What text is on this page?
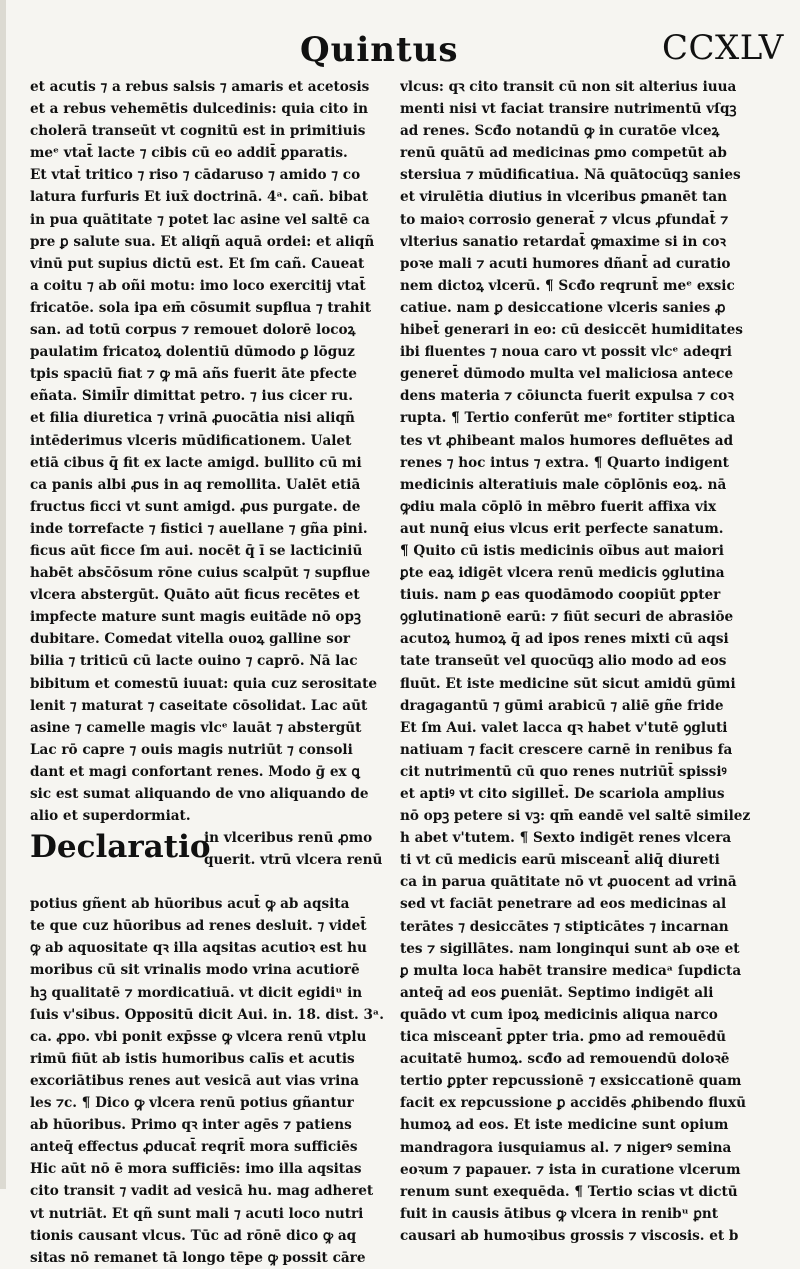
Quintus	CCXLV
et acutis ⁊ a rebus salsis ⁊ amaris et acetosis
et a rebus vehemētis dulcedinis: quia cito in
cholerā transeūt vt cognitū est in primitiuis
meᵉ vtat̄ lacte ⁊ cibis cū eo addit̄ ꝑparatis.
Et vtat̄ tritico ⁊ riso ⁊ cādaruso ⁊ amido ⁊ co
latura furfuris Et iux̄ doctrinā. 4ᵃ. cañ. bibat
in pua quātitate ⁊ potet lac asine vel saltē ca
pre ꝑ salute sua. Et aliqñ aquā ordei: et aliqñ
vinū put supius dictū est. Et ſm cañ. Caueat
a coitu ⁊ ab oñi motu: imo loco exercitij vtat̄
fricatōe. sola ipa em̄ cōsumit supflua ⁊ trahit
san. ad totū corpus ⁊ remouet dolorē locoꝝ
paulatim fricatoꝝ dolentiū dūmodo ꝑ lōguz
tpis spaciū fiat ⁊ ꝙ mā añs fuerit āte pfecte
eñata. Simil̄r dimittat petro. ⁊ ius cicer ru.
et filia diuretica ⁊ vrinā ꝓuocātia nisi aliqñ
intēderimus vlceris mūdificationem. Ualet
etiā cibus q̄ fit ex lacte amigd. bullito cū mi
ca panis albi ꝓus in aq remollita. Ualēt etiā
fructus ficci vt sunt amigd. ꝓus purgate. de
inde torrefacte ⁊ fistici ⁊ auellane ⁊ gña pini.
ficus aūt ficce ſm aui. nocēt q̄ ī se lacticiniū
habēt absc̄ōsum rōne cuius scalpūt ⁊ supflue
vlcera abstergūt. Quāto aūt ficus recētes et
impfecte mature sunt magis euitāde nō opꝫ
dubitare. Comedat vitella ouoꝝ galline sor
bilia ⁊ triticū cū lacte ouino ⁊ caprō. Nā lac
bibitum et comestū iuuat: quia cuz serositate
lenit ⁊ maturat ⁊ caseitate cōsolidat. Lac aūt
asine ⁊ camelle magis vlcᵉ lauāt ⁊ abstergūt
Lac rō capre ⁊ ouis magis nutriūt ⁊ consoli
dant et magi confortant renes. Modo ḡ ex ꝗ
sic est sumat aliquando de vno aliquando de
alio et superdormiat.
Declaratio
in vlceribus renū ꝓmo
querit. vtrū vlcera renū
potius gñent ab hūoribus acut̄ ꝙ ab aqsita
te que cuz hūoribus ad renes desluit. ⁊ videt̄
ꝙ ab aquositate qꝛ illa aqsitas acutioꝛ est hu
moribus cū sit vrinalis modo vrina acutiorē
hꝫ qualitatē ⁊ mordicatiuā. vt dicit egidiᵘ in
ſuis v'sibus. Oppositū dicit Aui. in. 18. dist. 3ᵃ.
ca. ꝓpo. vbi ponit exp̄sse ꝙ vlcera renū vtplu
rimū fiūt ab istis humoribus calīs et acutis
excoriātibus renes aut vesicā aut vias vrina
les ⁊c. ¶ Dico ꝙ vlcera renū potius gñantur
ab hūoribus. Primo qꝛ inter agēs ⁊ patiens
anteq̄ effectus ꝓducat̄ reqrit̄ mora sufficiēs
Hic aūt nō ē mora sufficiēs: imo illa aqsitas
cito transit ⁊ vadit ad vesicā hu. mag adheret
vt nutriāt. Et qñ sunt mali ⁊ acuti loco nutri
tionis causant vlcus. Tūc ad rōnē dico ꝙ aq
sitas nō remanet tā longo tēpe ꝙ possit cāre
vlcus: qꝛ cito transit cū non sit alterius iuua
menti nisi vt faciat transire nutrimentū vſqꝫ
ad renes. Scđo notandū ꝙ in curatōe vlceꝝ
renū quātū ad medicinas ꝑmo competūt ab
stersiua ⁊ mūdificatiua. Nā quātocūqꝫ sanies
et virulētia diutius in vlceribus ꝑmanēt tan
to maioꝛ corrosio generat̄ ⁊ vlcus ꝓfundat̄ ⁊
vlterius sanatio retardat̄ ꝙmaxime si in coꝛ
poꝛe mali ⁊ acuti humores dñant̄ ad curatio
nem dictoꝝ vlcerū. ¶ Scđo reqrunt̄ meᵉ exsic
catiue. nam ꝑ desiccatione vlceris sanies ꝓ
hibet̄ generari in eo: cū desiccēt humiditates
ibi fluentes ⁊ noua caro vt possit vlcᵉ adeqri
generet̄ dūmodo multa vel maliciosa antece
dens materia ⁊ cōiuncta fuerit expulsa ⁊ coꝛ
rupta. ¶ Tertio conferūt meᵉ fortiter stiptica
tes vt ꝓhibeant malos humores defluētes ad
renes ⁊ hoc intus ⁊ extra. ¶ Quarto indigent
medicinis alteratiuis male cōplōnis eoꝝ. nā
ꝙdiu mala cōplō in mēbro fuerit affixa vix
aut nunq̄ eius vlcus erit perfecte sanatum.
¶ Quito cū istis medicinis oībus aut maiori
ꝑte eaꝝ idigēt vlcera renū medicis ꝯglutina
tiuis. nam ꝑ eas quodāmodo coopiūt ꝑpter
ꝯglutinationē earū: ⁊ fiūt securi de abrasiōe
acutoꝝ humoꝝ q̄ ad ipos renes mixti cū aqsi
tate transeūt vel quocūqꝫ alio modo ad eos
fluūt. Et iste medicine sūt sicut amidū gūmi
dragagantū ⁊ gūmi arabicū ⁊ aliē gñe fride
Et ſm Aui. valet lacca qꝛ habet v'tutē ꝯgluti
natiuam ⁊ facit crescere carnē in renibus fa
cit nutrimentū cū quo renes nutriūt̄ spissiꝰ
et aptiꝰ vt cito sigillet̄. De scariola amplius
nō opꝫ petere si vꝫ: qm̄ eandē vel saltē similez
h abet v'tutem. ¶ Sexto indigēt renes vlcera
ti vt cū medicis earū misceant̄ aliq̄ diureti
ca in parua quātitate nō vt ꝓuocent ad vrinā
sed vt faciāt penetrare ad eos medicinas al
terātes ⁊ desiccātes ⁊ stipticātes ⁊ incarnan
tes ⁊ sigillātes. nam longinqui sunt ab oꝛe et
ꝑ multa loca habēt transire medicaᵃ ſupdicta
anteq̄ ad eos ꝑueniāt. Septimo indigēt ali
quādo vt cum ipoꝝ medicinis aliqua narco
tica misceant̄ ꝑpter tria. ꝑmo ad remouēdū
acuitatē humoꝝ. scđo ad remouendū doloꝛē
tertio ꝑpter repcussionē ⁊ exsiccationē quam
facit ex repcussione ꝑ accidēs ꝓhibendo fluxū
humoꝝ ad eos. Et iste medicine sunt opium
mandragora iusquiamus al. ⁊ nigerꝰ semina
eoꝛum ⁊ papauer. ⁊ ista in curatione vlcerum
renum sunt exequēda. ¶ Tertio scias vt dictū
fuit in causis ātibus ꝙ vlcera in renibᵘ ꝑnt
causari ab humoꝛibus grossis ⁊ viscosis. et b
